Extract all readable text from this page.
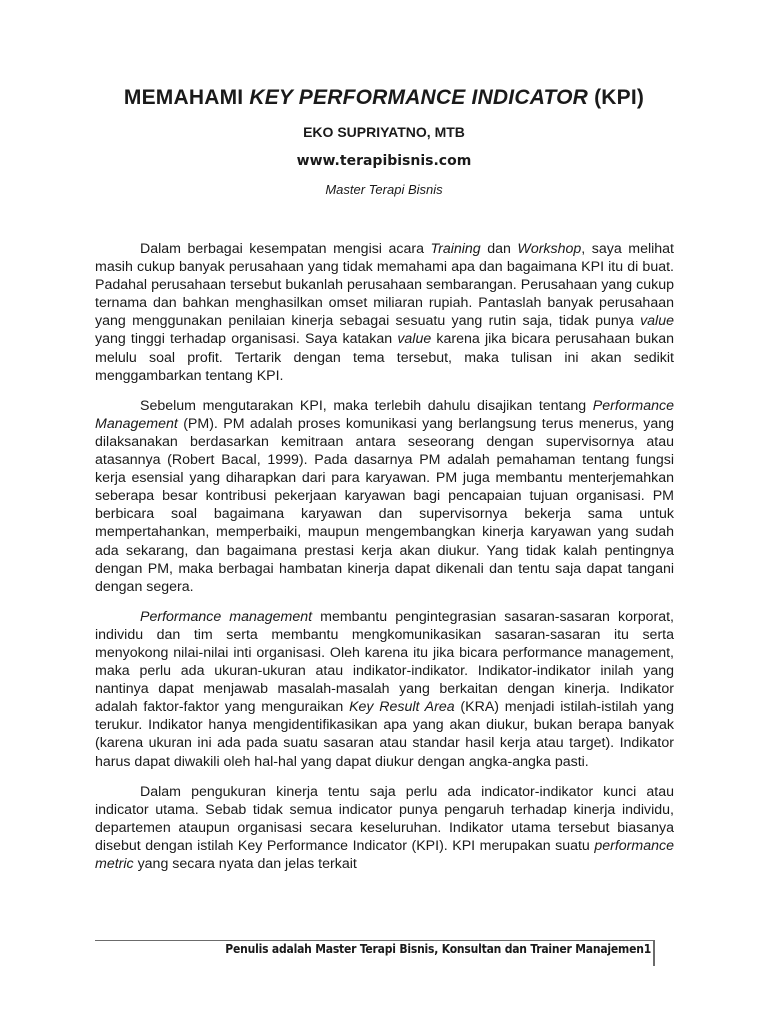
MEMAHAMI KEY PERFORMANCE INDICATOR (KPI)
EKO SUPRIYATNO, MTB
www.terapibisnis.com
Master Terapi Bisnis

Dalam berbagai kesempatan mengisi acara Training dan Workshop, saya melihat masih cukup banyak perusahaan yang tidak memahami apa dan bagaimana KPI itu di buat. Padahal perusahaan tersebut bukanlah perusahaan sembarangan. Perusahaan yang cukup ternama dan bahkan menghasilkan omset miliaran rupiah. Pantaslah banyak perusahaan yang menggunakan penilaian kinerja sebagai sesuatu yang rutin saja, tidak punya value yang tinggi terhadap organisasi. Saya katakan value karena jika bicara perusahaan bukan melulu soal profit. Tertarik dengan tema tersebut, maka tulisan ini akan sedikit menggambarkan tentang KPI.

Sebelum mengutarakan KPI, maka terlebih dahulu disajikan tentang Performance Management (PM). PM adalah proses komunikasi yang berlangsung terus menerus, yang dilaksanakan berdasarkan kemitraan antara seseorang dengan supervisornya atau atasannya (Robert Bacal, 1999). Pada dasarnya PM adalah pemahaman tentang fungsi kerja esensial yang diharapkan dari para karyawan. PM juga membantu menterjemahkan seberapa besar kontribusi pekerjaan karyawan bagi pencapaian tujuan organisasi. PM berbicara soal bagaimana karyawan dan supervisornya bekerja sama untuk mempertahankan, memperbaiki, maupun mengembangkan kinerja karyawan yang sudah ada sekarang, dan bagaimana prestasi kerja akan diukur. Yang tidak kalah pentingnya dengan PM, maka berbagai hambatan kinerja dapat dikenali dan tentu saja dapat tangani dengan segera.

Performance management membantu pengintegrasian sasaran-sasaran korporat, individu dan tim serta membantu mengkomunikasikan sasaran-sasaran itu serta menyokong nilai-nilai inti organisasi. Oleh karena itu jika bicara performance management, maka perlu ada ukuran-ukuran atau indikator-indikator. Indikator-indikator inilah yang nantinya dapat menjawab masalah-masalah yang berkaitan dengan kinerja. Indikator adalah faktor-faktor yang menguraikan Key Result Area (KRA) menjadi istilah-istilah yang terukur. Indikator hanya mengidentifikasikan apa yang akan diukur, bukan berapa banyak (karena ukuran ini ada pada suatu sasaran atau standar hasil kerja atau target). Indikator harus dapat diwakili oleh hal-hal yang dapat diukur dengan angka-angka pasti.

Dalam pengukuran kinerja tentu saja perlu ada indicator-indikator kunci atau indicator utama. Sebab tidak semua indicator punya pengaruh terhadap kinerja individu, departemen ataupun organisasi secara keseluruhan. Indikator utama tersebut biasanya disebut dengan istilah Key Performance Indicator (KPI). KPI merupakan suatu performance metric yang secara nyata dan jelas terkait

Penulis adalah Master Terapi Bisnis, Konsultan dan Trainer Manajemen1
